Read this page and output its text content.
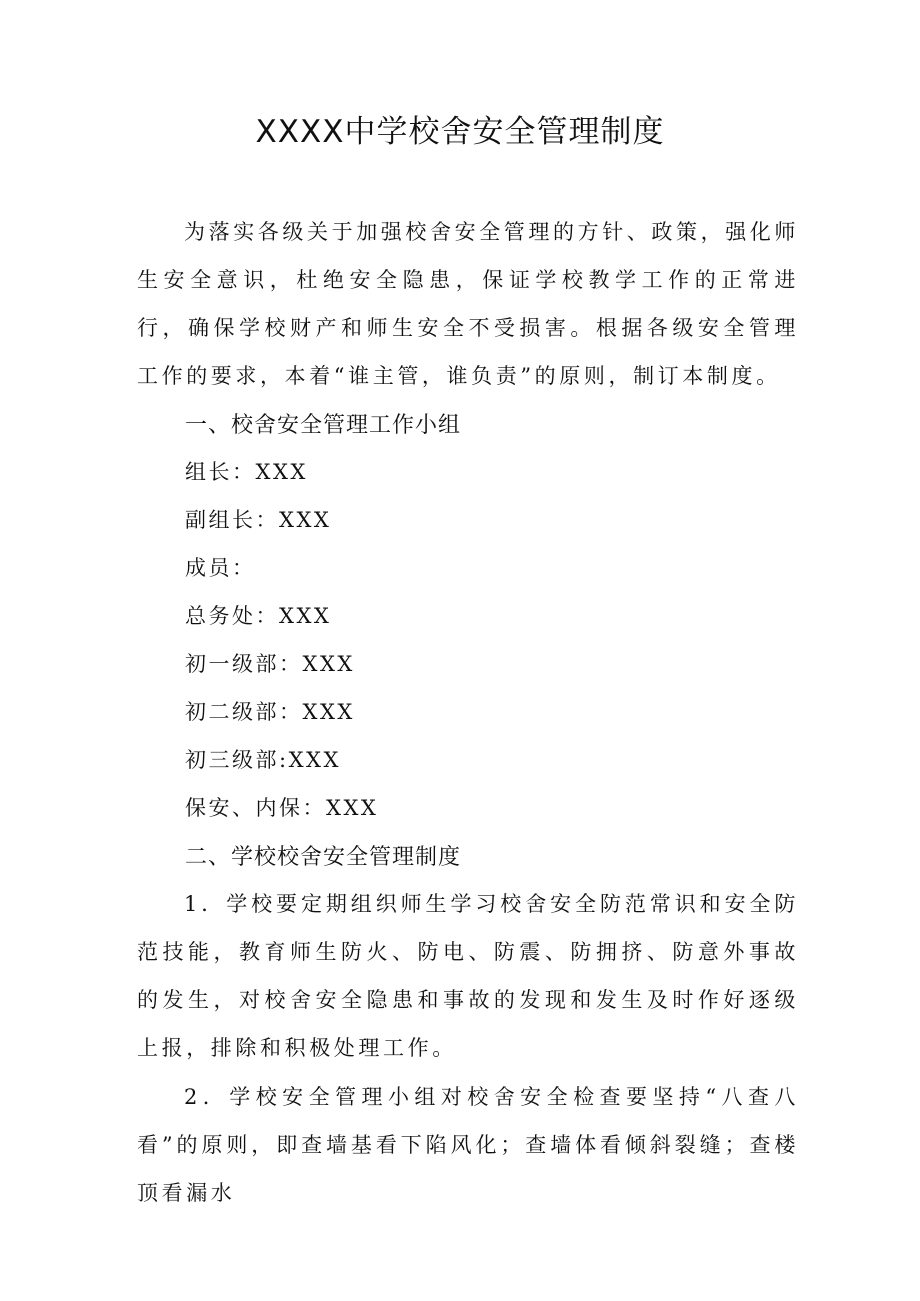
XXXX中学校舍安全管理制度

为落实各级关于加强校舍安全管理的方针、政策，强化师生安全意识，杜绝安全隐患，保证学校教学工作的正常进行，确保学校财产和师生安全不受损害。根据各级安全管理工作的要求，本着“谁主管，谁负责”的原则，制订本制度。

一、校舍安全管理工作小组

组长：XXX

副组长：XXX

成员：

总务处：XXX

初一级部：XXX

初二级部：XXX

初三级部:XXX

保安、内保：XXX

二、学校校舍安全管理制度

1．学校要定期组织师生学习校舍安全防范常识和安全防范技能，教育师生防火、防电、防震、防拥挤、防意外事故的发生，对校舍安全隐患和事故的发现和发生及时作好逐级上报，排除和积极处理工作。

2．学校安全管理小组对校舍安全检查要坚持“八查八看”的原则，即查墙基看下陷风化；查墙体看倾斜裂缝；查楼顶看漏水
